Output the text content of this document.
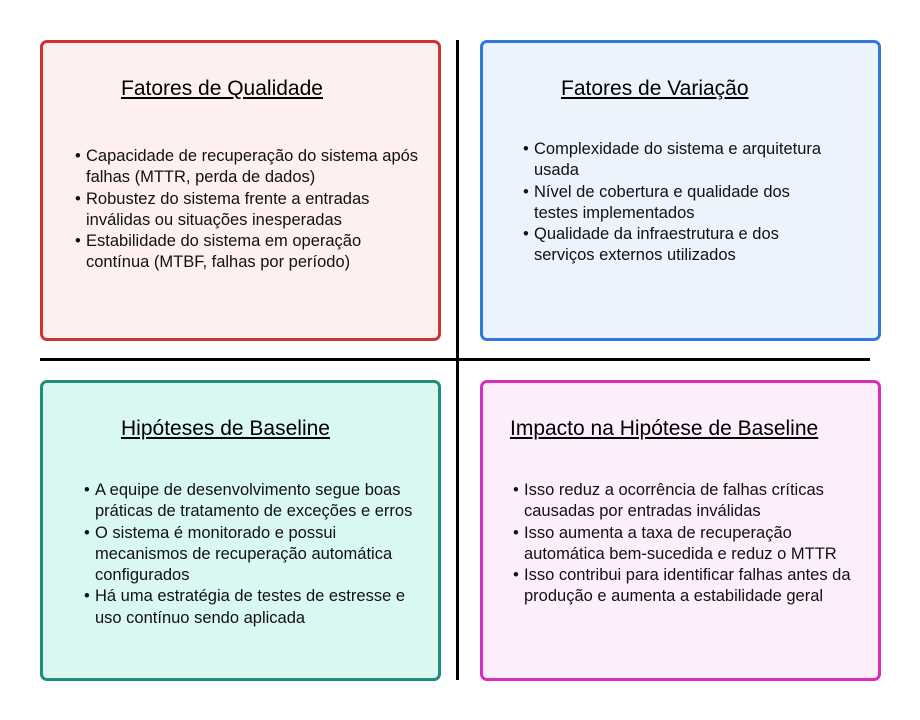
Fatores de Qualidade
• Capacidade de recuperação do sistema após falhas (MTTR, perda de dados)
• Robustez do sistema frente a entradas inválidas ou situações inesperadas
• Estabilidade do sistema em operação contínua (MTBF, falhas por período)
Fatores de Variação
• Complexidade do sistema e arquitetura usada
• Nível de cobertura e qualidade dos testes implementados
• Qualidade da infraestrutura e dos serviços externos utilizados
Hipóteses de Baseline
• A equipe de desenvolvimento segue boas práticas de tratamento de exceções e erros
• O sistema é monitorado e possui mecanismos de recuperação automática configurados
• Há uma estratégia de testes de estresse e uso contínuo sendo aplicada
Impacto na Hipótese de Baseline
• Isso reduz a ocorrência de falhas críticas causadas por entradas inválidas
• Isso aumenta a taxa de recuperação automática bem-sucedida e reduz o MTTR
• Isso contribui para identificar falhas antes da produção e aumenta a estabilidade geral
